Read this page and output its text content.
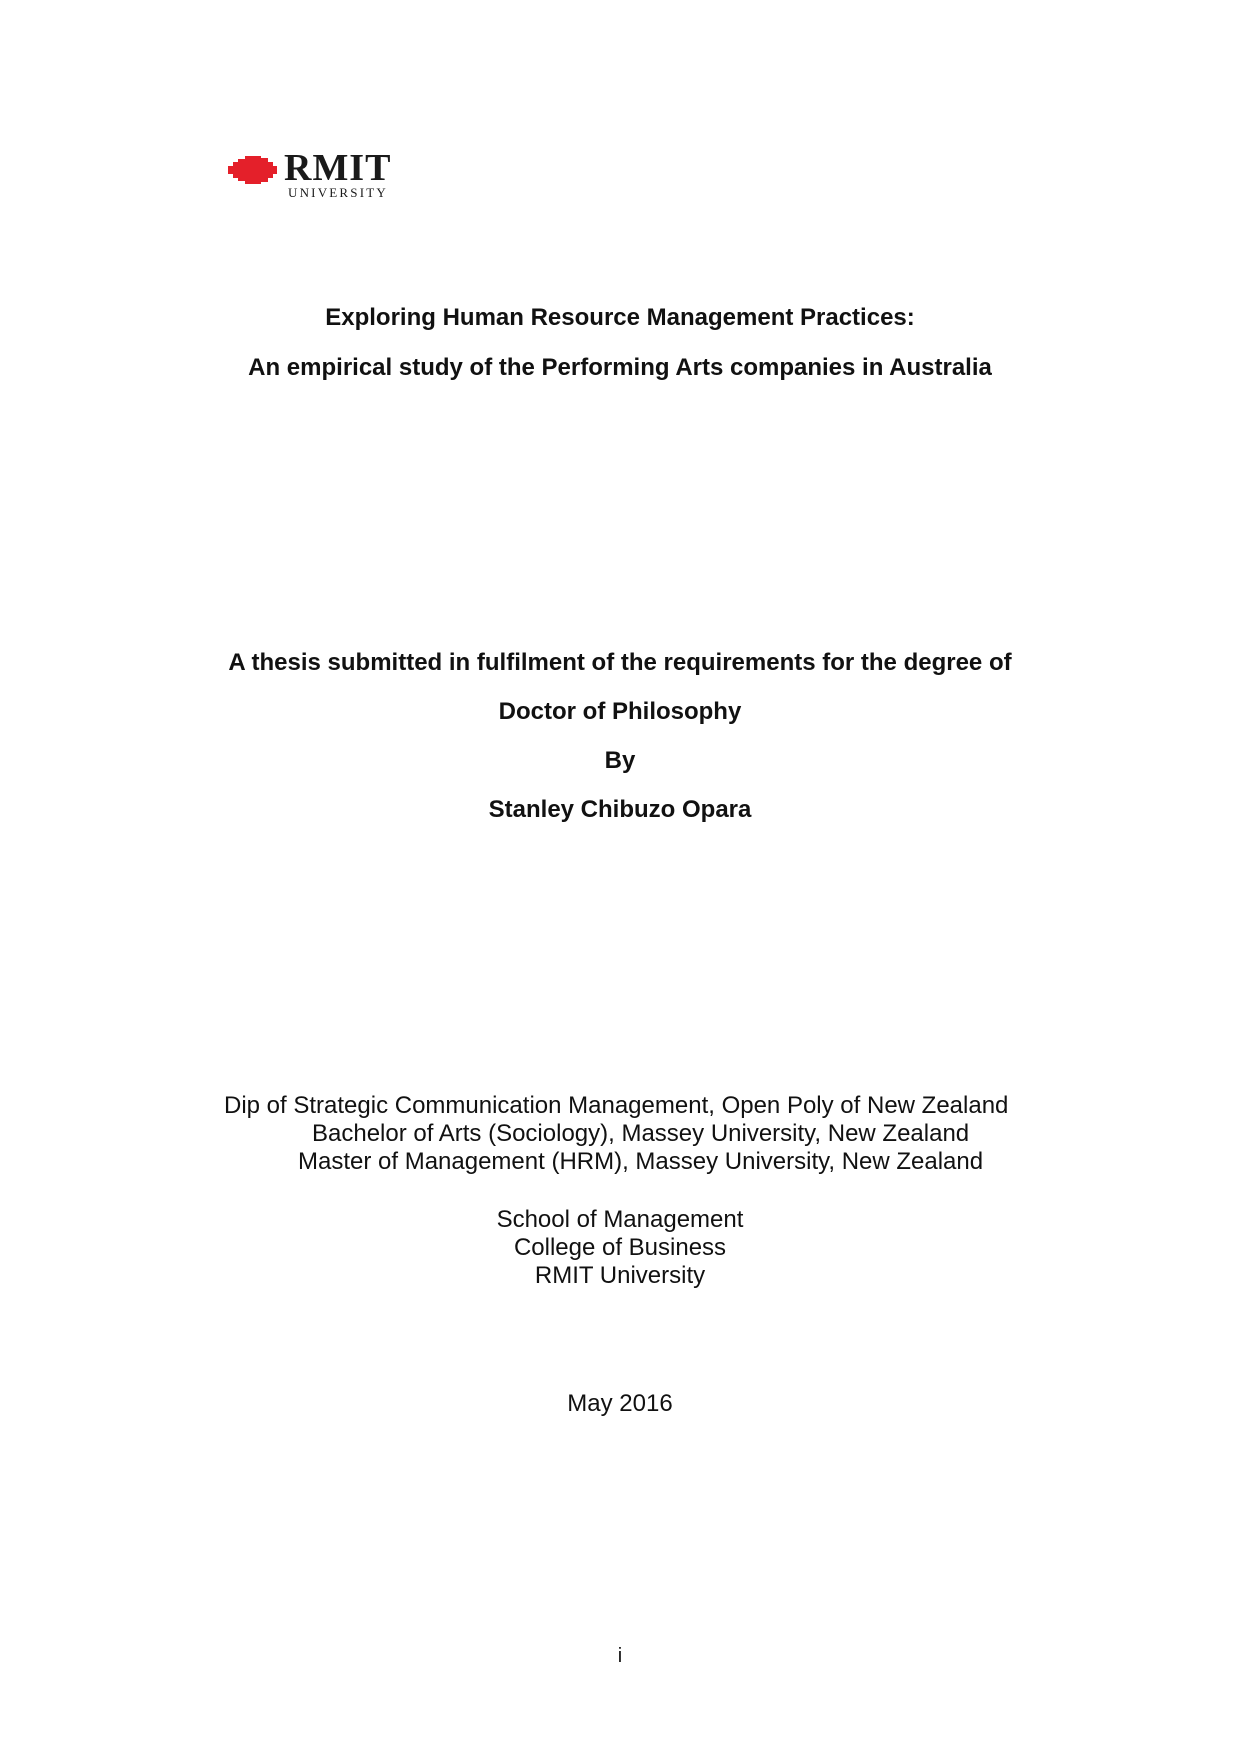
RMIT
UNIVERSITY
Exploring Human Resource Management Practices:
An empirical study of the Performing Arts companies in Australia
A thesis submitted in fulfilment of the requirements for the degree of
Doctor of Philosophy
By
Stanley Chibuzo Opara
Dip of Strategic Communication Management, Open Poly of New Zealand
Bachelor of Arts (Sociology), Massey University, New Zealand
Master of Management (HRM), Massey University, New Zealand
School of Management
College of Business
RMIT University
May 2016
i
